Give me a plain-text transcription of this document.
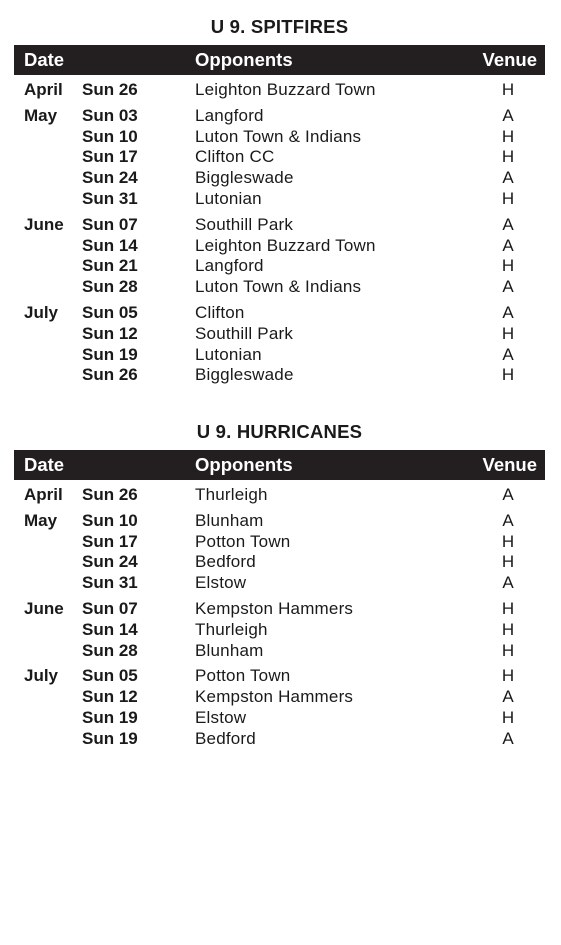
U 9. SPITFIRES
Date	Opponents	Venue
April Sun 26	Leighton Buzzard Town	H
May Sun 03	Langford	A
Sun 10	Luton Town & Indians	H
Sun 17	Clifton CC	H
Sun 24	Biggleswade	A
Sun 31	Lutonian	H
June Sun 07	Southill Park	A
Sun 14	Leighton Buzzard Town	A
Sun 21	Langford	H
Sun 28	Luton Town & Indians	A
July Sun 05	Clifton	A
Sun 12	Southill Park	H
Sun 19	Lutonian	A
Sun 26	Biggleswade	H
U 9. HURRICANES
Date	Opponents	Venue
April Sun 26	Thurleigh	A
May Sun 10	Blunham	A
Sun 17	Potton Town	H
Sun 24	Bedford	H
Sun 31	Elstow	A
June Sun 07	Kempston Hammers	H
Sun 14	Thurleigh	H
Sun 28	Blunham	H
July Sun 05	Potton Town	H
Sun 12	Kempston Hammers	A
Sun 19	Elstow	H
Sun 19	Bedford	A
